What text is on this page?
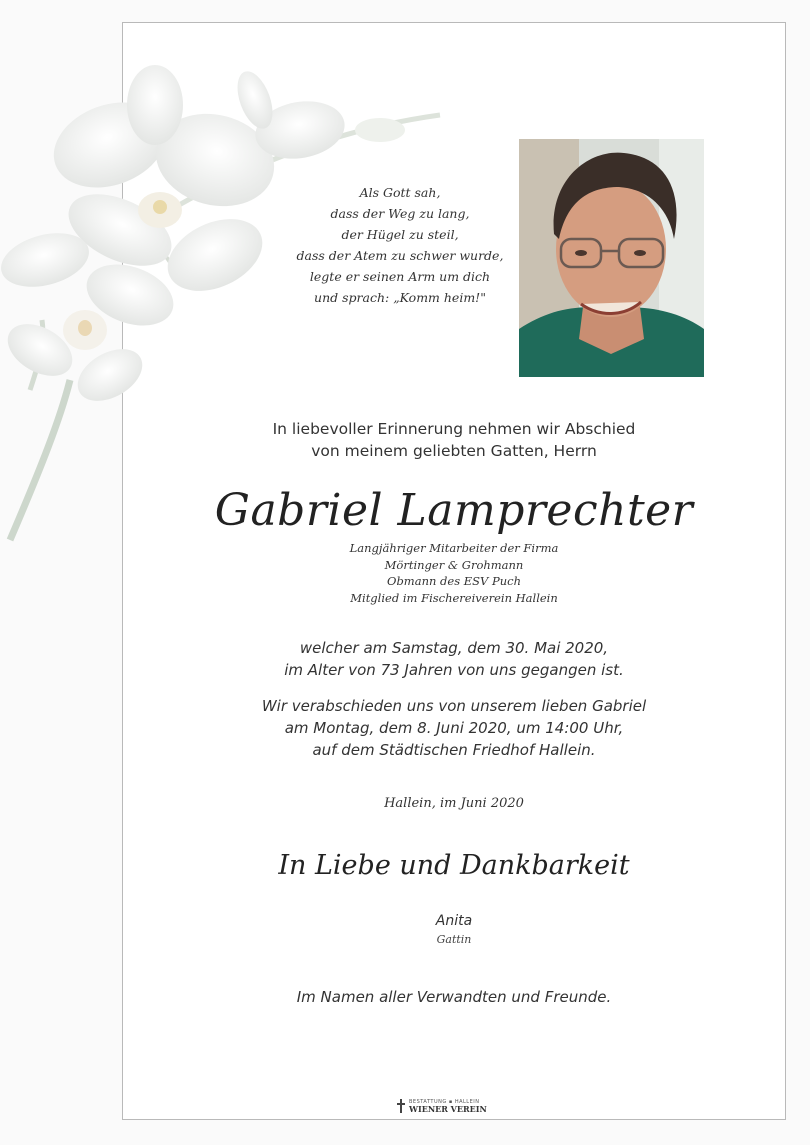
Als Gott sah,
dass der Weg zu lang,
der Hügel zu steil,
dass der Atem zu schwer wurde,
legte er seinen Arm um dich
und sprach: „Komm heim!"
In liebevoller Erinnerung nehmen wir Abschied
von meinem geliebten Gatten, Herrn
Gabriel Lamprechter
Langjähriger Mitarbeiter der Firma
Mörtinger & Grohmann
Obmann des ESV Puch
Mitglied im Fischereiverein Hallein
welcher am Samstag, dem 30. Mai 2020,
im Alter von 73 Jahren von uns gegangen ist.
Wir verabschieden uns von unserem lieben Gabriel
am Montag, dem 8. Juni 2020, um 14:00 Uhr,
auf dem Städtischen Friedhof Hallein.
Hallein, im Juni 2020
In Liebe und Dankbarkeit
Anita
Gattin
Im Namen aller Verwandten und Freunde.
BESTATTUNG ▪ HALLEIN
WIENER VEREIN
